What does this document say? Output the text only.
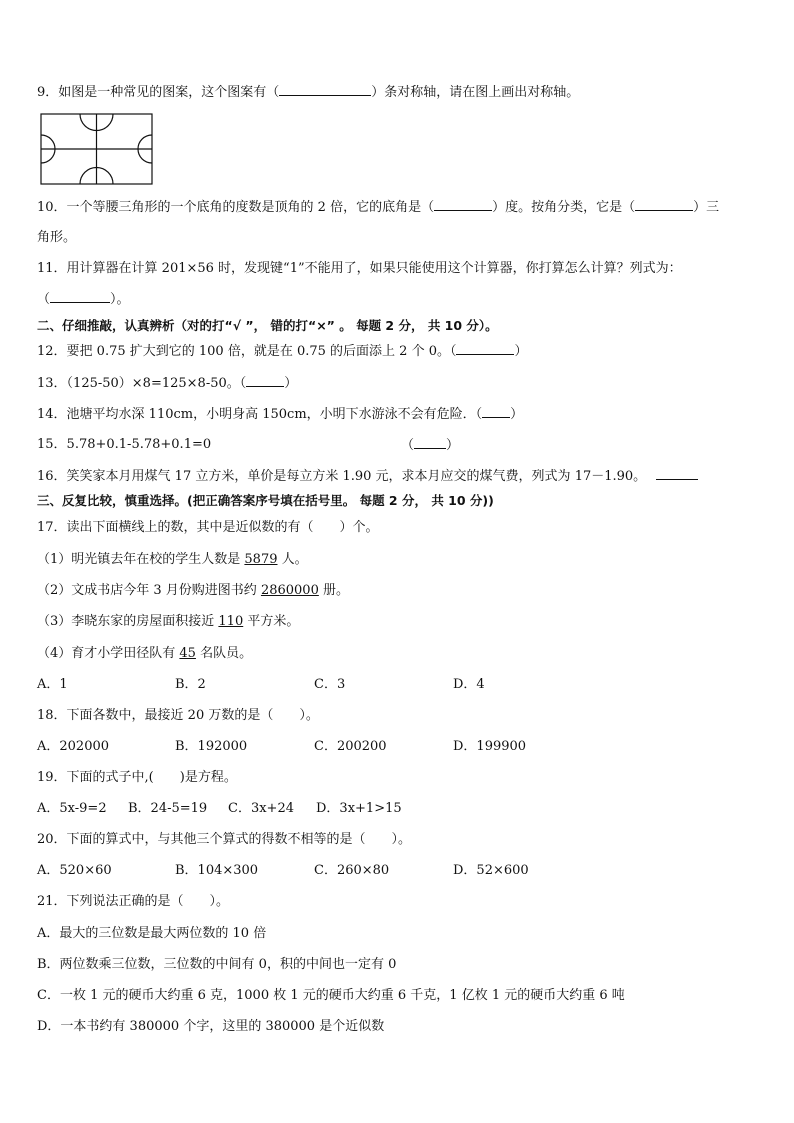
9．如图是一种常见的图案，这个图案有（	）条对称轴，请在图上画出对称轴。
10．一个等腰三角形的一个底角的度数是顶角的 2 倍，它的底角是（	）度。按角分类，它是（	）三
角形。
11．用计算器在计算 201×56 时，发现键“1”不能用了，如果只能使用这个计算器，你打算怎么计算？列式为：
（	）。
二、仔细推敲，认真辨析（对的打“√ ”， 错的打“×” 。 每题 2 分， 共 10 分）。
12．要把 0.75 扩大到它的 100 倍，就是在 0.75 的后面添上 2 个 0。（	）
13．（125-50）×8=125×8-50。（	）
14．池塘平均水深 110cm，小明身高 150cm，小明下水游泳不会有危险．（ ）
15．5.78+0.1-5.78+0.1=0	（ ）
16．笑笑家本月用煤气 17 立方米，单价是每立方米 1.90 元，求本月应交的煤气费，列式为 17－1.90。
三、反复比较，慎重选择。(把正确答案序号填在括号里。 每题 2 分， 共 10 分))
17．读出下面横线上的数，其中是近似数的有（　　）个。
（1）明光镇去年在校的学生人数是 5879 人。
（2）文成书店今年 3 月份购进图书约 2860000 册。
（3）李晓东家的房屋面积接近 110 平方米。
（4）育才小学田径队有 45 名队员。
A．1	B．2	C．3	D．4
18．下面各数中，最接近 20 万数的是（　　）。
A．202000	B．192000	C．200200	D．199900
19．下面的式子中,(　　)是方程。
A．5x-9=2 B．24-5=19 C．3x+24 D．3x+1>15
20．下面的算式中，与其他三个算式的得数不相等的是（　　）。
A．520×60	B．104×300	C．260×80	D．52×600
21．下列说法正确的是（　　）。
A．最大的三位数是最大两位数的 10 倍
B．两位数乘三位数，三位数的中间有 0，积的中间也一定有 0
C．一枚 1 元的硬币大约重 6 克，1000 枚 1 元的硬币大约重 6 千克，1 亿枚 1 元的硬币大约重 6 吨
D．一本书约有 380000 个字，这里的 380000 是个近似数
